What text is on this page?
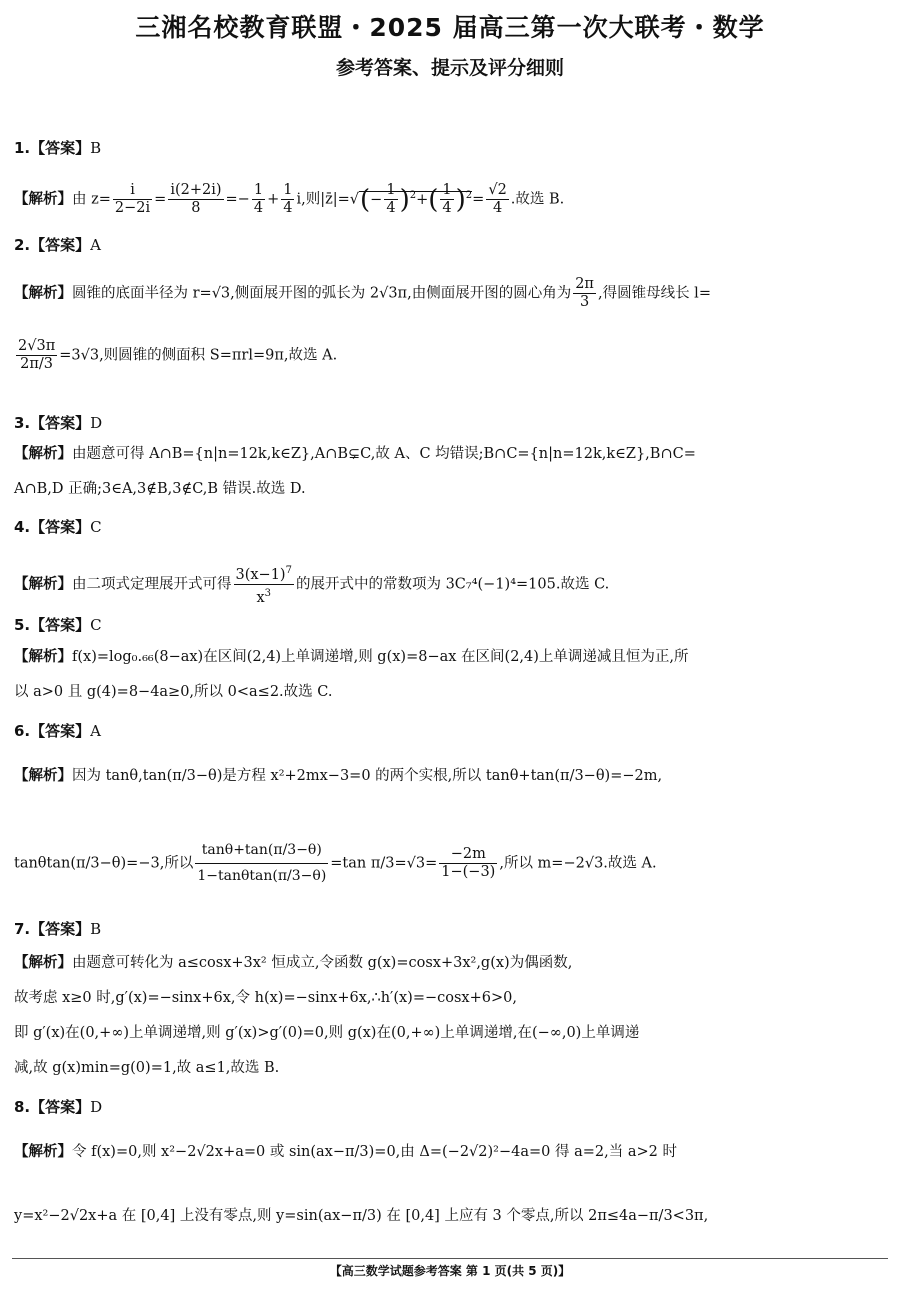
三湘名校教育联盟・2025 届高三第一次大联考・数学
参考答案、提示及评分细则
1.【答案】B
【解析】由 $z= \frac{i}{2-2i} = \frac{i(2+2i)}{8} =- \frac{1}{4} + \frac{1}{4} i$,则|z̄|=√(− $\frac{1}{4} )^2+( \frac{1}{4} )^2= \frac{√2}{4}$ .故选 B.
2.【答案】A
【解析】圆锥的底面半径为 r=√3,侧面展开图的弧长为 2√3π,由侧面展开图的圆心角为 $\frac{2\pi}{3}$ ,得圆锥母线长 l=
$\frac{2√3\pi}{2\pi/3} =3√3$,则圆锥的侧面积 S=πrl=9π,故选 A.
3.【答案】D
【解析】由题意可得 A∩B={n|n=12k,k∈Z},A∩B⊊C,故 A、C 均错误;B∩C={n|n=12k,k∈Z},B∩C=
A∩B,D 正确;3∈A,3∉B,3∉C,B 错误.故选 D.
4.【答案】C
【解析】由二项式定理展开式可得 $\frac{3(x-1)^7}{x^3}$ 的展开式中的常数项为 3C₇⁴(−1)⁴=105.故选 C.
5.【答案】C
【解析】f(x)=log₀.₆₆(8−ax)在区间(2,4)上单调递增,则 g(x)=8−ax 在区间(2,4)上单调递减且恒为正,所
以 a>0 且 g(4)=8−4a≥0,所以 0<a≤2.故选 C.
6.【答案】A
【解析】因为 tanθ,tan(π/3−θ)是方程 x²+2mx−3=0 的两个实根,所以 tanθ+tan(π/3−θ)=−2m,
tanθtan(π/3−θ)=−3,所以 $\frac{\tan\theta+\tan(\pi/3-\theta)}{1-\tan\theta\tan(\pi/3-\theta)} =\tan$ $\pi/3=√3= \frac{-2m}{1-(-3)}$ ,所以 m=−2√3.故选 A.
7.【答案】B
【解析】由题意可转化为 a≤cosx+3x² 恒成立,令函数 g(x)=cosx+3x²,g(x)为偶函数,
故考虑 x≥0 时,g′(x)=−sinx+6x,令 h(x)=−sinx+6x,∴h′(x)=−cosx+6>0,
即 g′(x)在(0,+∞)上单调递增,则 g′(x)>g′(0)=0,则 g(x)在(0,+∞)上单调递增,在(−∞,0)上单调递
减,故 g(x)min=g(0)=1,故 a≤1,故选 B.
8.【答案】D
【解析】令 f(x)=0,则 x²−2√2x+a=0 或 sin(ax−π/3)=0,由 Δ=(−2√2)²−4a=0 得 a=2,当 a>2 时
y=x²−2√2x+a 在 [0,4] 上没有零点,则 y=sin(ax−π/3) 在 [0,4] 上应有 3 个零点,所以 2π≤4a−π/3<3π,
【高三数学试题参考答案 第 1 页(共 5 页)】
